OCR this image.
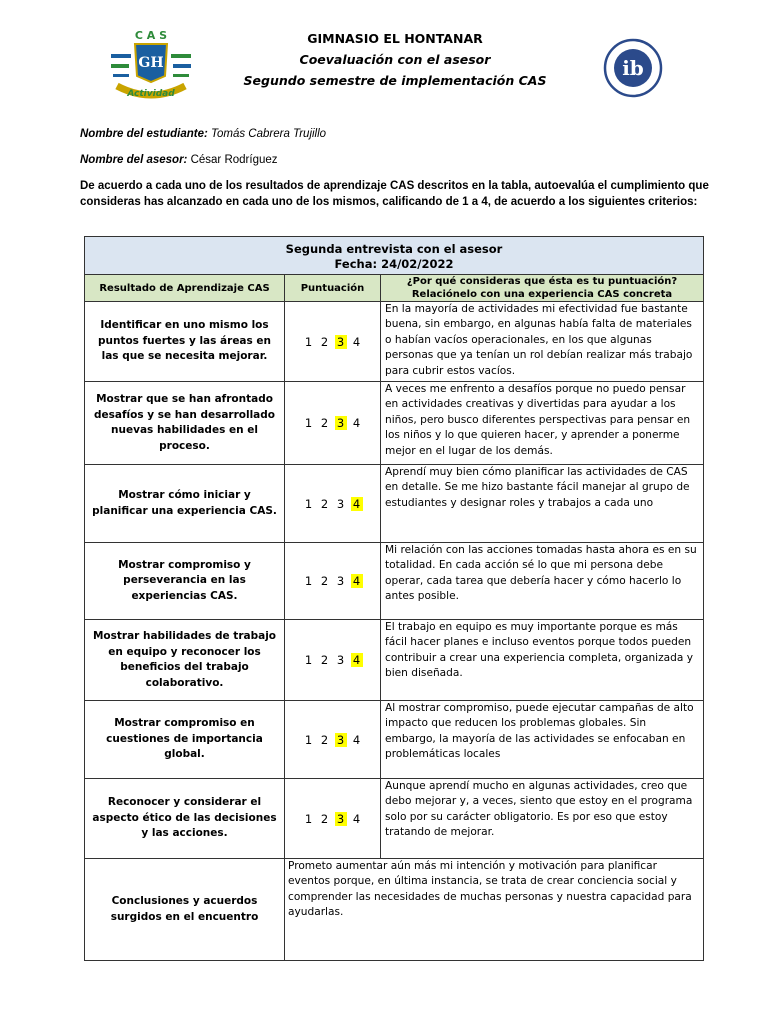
C A S
GH
Actividad
ib
GIMNASIO EL HONTANAR
Coevaluación con el asesor
Segundo semestre de implementación CAS
Nombre del estudiante: Tomás Cabrera Trujillo
Nombre del asesor: César Rodríguez
De acuerdo a cada uno de los resultados de aprendizaje CAS descritos en la tabla, autoevalúa el cumplimiento que consideras has alcanzado en cada uno de los mismos, calificando de 1 a 4, de acuerdo a los siguientes criterios:
Segunda entrevista con el asesor
Fecha: 24/02/2022		

Resultado de Aprendizaje CAS	Puntuación	¿Por qué consideras que ésta es tu puntuación? Relaciónelo con una experiencia CAS concreta
Identificar en uno mismo los puntos fuertes y las áreas en las que se necesita mejorar.	1 2 3 4	En la mayoría de actividades mi efectividad fue bastante buena, sin embargo, en algunas había falta de materiales o habían vacíos operacionales, en los que algunas personas que ya tenían un rol debían realizar más trabajo para cubrir estos vacíos.
Mostrar que se han afrontado desafíos y se han desarrollado nuevas habilidades en el proceso.	1 2 3 4	A veces me enfrento a desafíos porque no puedo pensar en actividades creativas y divertidas para ayudar a los niños, pero busco diferentes perspectivas para pensar en los niños y lo que quieren hacer, y aprender a ponerme mejor en el lugar de los demás.
Mostrar cómo iniciar y planificar una experiencia CAS.	1 2 3 4	Aprendí muy bien cómo planificar las actividades de CAS en detalle. Se me hizo bastante fácil manejar al grupo de estudiantes y designar roles y trabajos a cada uno
Mostrar compromiso y perseverancia en las experiencias CAS.	1 2 3 4	Mi relación con las acciones tomadas hasta ahora es en su totalidad. En cada acción sé lo que mi persona debe operar, cada tarea que debería hacer y cómo hacerlo lo antes posible.
Mostrar habilidades de trabajo en equipo y reconocer los beneficios del trabajo colaborativo.	1 2 3 4	El trabajo en equipo es muy importante porque es más fácil hacer planes e incluso eventos porque todos pueden contribuir a crear una experiencia completa, organizada y bien diseñada.
Mostrar compromiso en cuestiones de importancia global.	1 2 3 4	Al mostrar compromiso, puede ejecutar campañas de alto impacto que reducen los problemas globales. Sin embargo, la mayoría de las actividades se enfocaban en problemáticas locales
Reconocer y considerar el aspecto ético de las decisiones y las acciones.	1 2 3 4	Aunque aprendí mucho en algunas actividades, creo que debo mejorar y, a veces, siento que estoy en el programa solo por su carácter obligatorio. Es por eso que estoy tratando de mejorar.
Conclusiones y acuerdos surgidos en el encuentro	Prometo aumentar aún más mi intención y motivación para planificar eventos porque, en última instancia, se trata de crear conciencia social y comprender las necesidades de muchas personas y nuestra capacidad para ayudarlas.	
